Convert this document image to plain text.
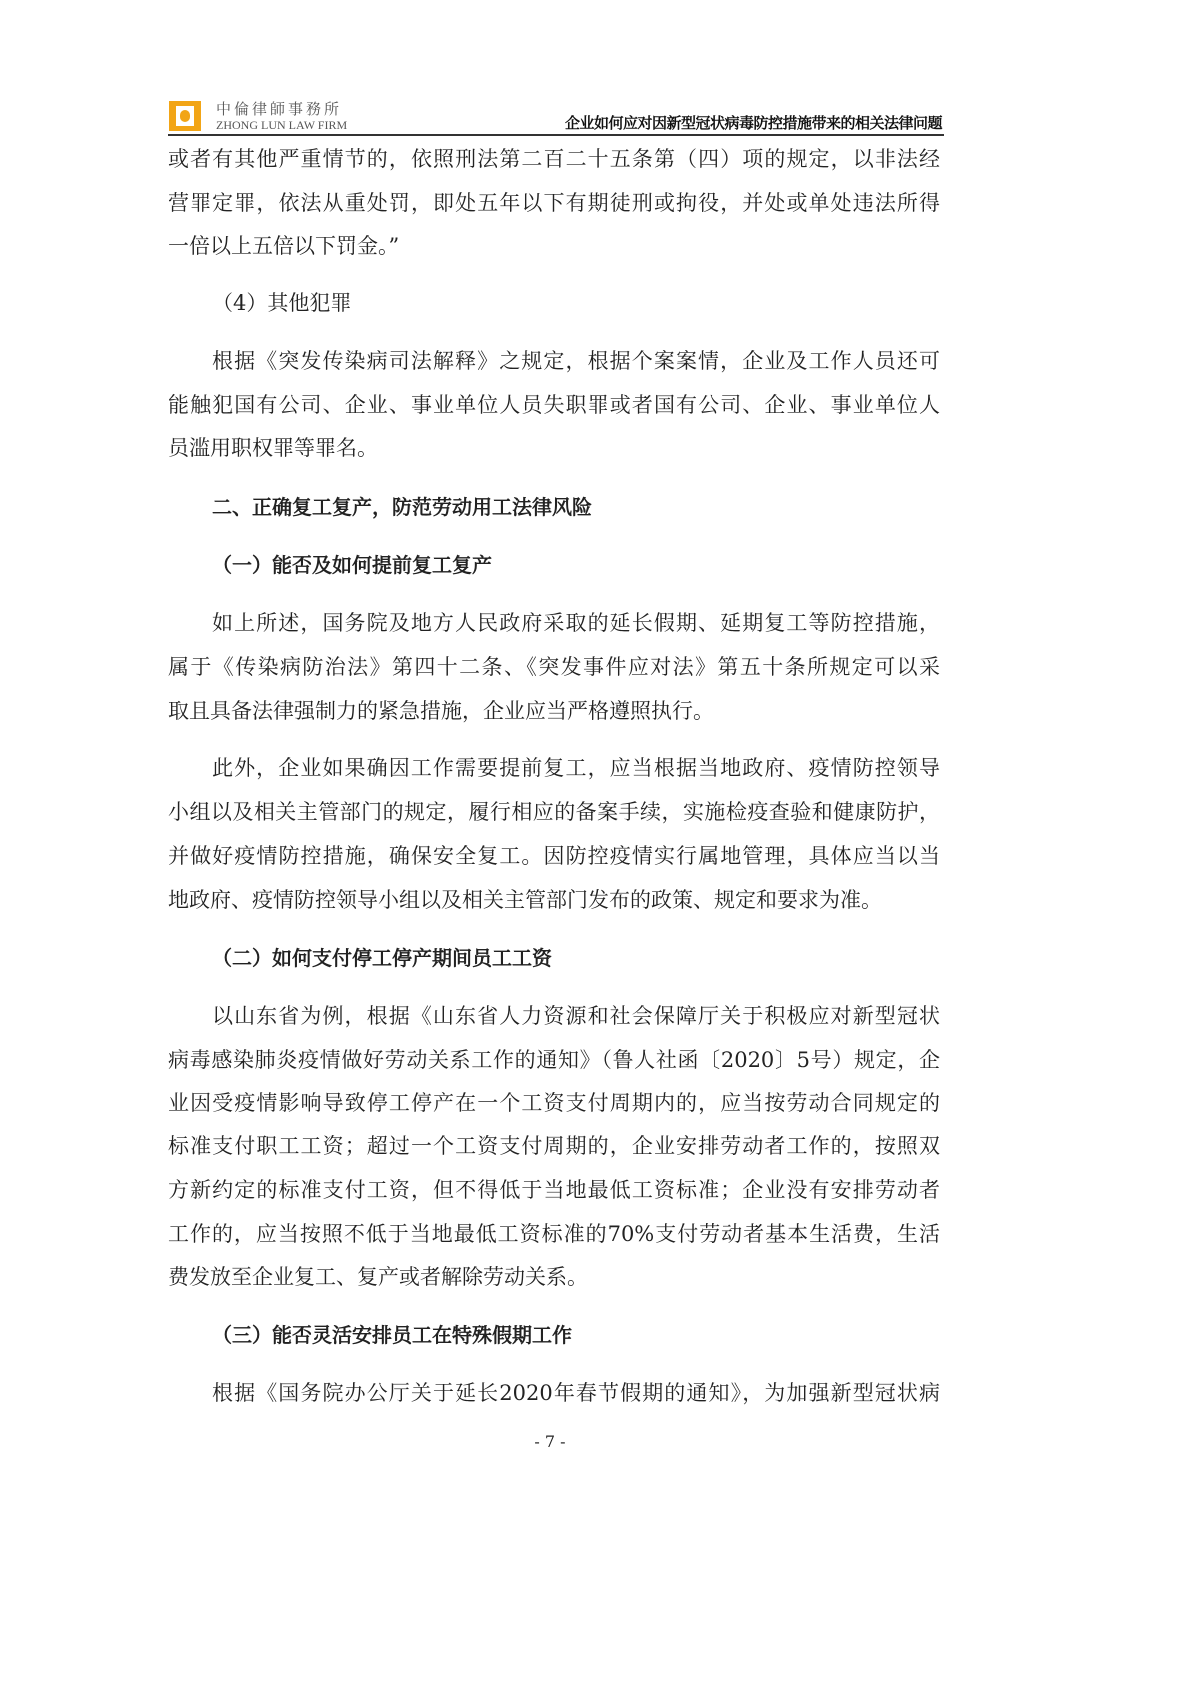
中倫律師事務所
ZHONG LUN LAW FIRM	企业如何应对因新型冠状病毒防控措施带来的相关法律问题
或者有其他严重情节的，依照刑法第二百二十五条第（四）项的规定，以非法经
营罪定罪，依法从重处罚，即处五年以下有期徒刑或拘役，并处或单处违法所得
一倍以上五倍以下罚金。”
（4）其他犯罪
根据《突发传染病司法解释》之规定，根据个案案情，企业及工作人员还可
能触犯国有公司、企业、事业单位人员失职罪或者国有公司、企业、事业单位人
员滥用职权罪等罪名。
二、正确复工复产，防范劳动用工法律风险
（一）能否及如何提前复工复产
如上所述，国务院及地方人民政府采取的延长假期、延期复工等防控措施，
属于《传染病防治法》第四十二条、《突发事件应对法》第五十条所规定可以采
取且具备法律强制力的紧急措施，企业应当严格遵照执行。
此外，企业如果确因工作需要提前复工，应当根据当地政府、疫情防控领导
小组以及相关主管部门的规定，履行相应的备案手续，实施检疫查验和健康防护，
并做好疫情防控措施，确保安全复工。因防控疫情实行属地管理，具体应当以当
地政府、疫情防控领导小组以及相关主管部门发布的政策、规定和要求为准。
（二）如何支付停工停产期间员工工资
以山东省为例，根据《山东省人力资源和社会保障厅关于积极应对新型冠状
病毒感染肺炎疫情做好劳动关系工作的通知》（鲁人社函〔2020〕5号）规定，企
业因受疫情影响导致停工停产在一个工资支付周期内的，应当按劳动合同规定的
标准支付职工工资；超过一个工资支付周期的，企业安排劳动者工作的，按照双
方新约定的标准支付工资，但不得低于当地最低工资标准；企业没有安排劳动者
工作的，应当按照不低于当地最低工资标准的70%支付劳动者基本生活费，生活
费发放至企业复工、复产或者解除劳动关系。
（三）能否灵活安排员工在特殊假期工作
根据《国务院办公厅关于延长2020年春节假期的通知》，为加强新型冠状病
- 7 -
